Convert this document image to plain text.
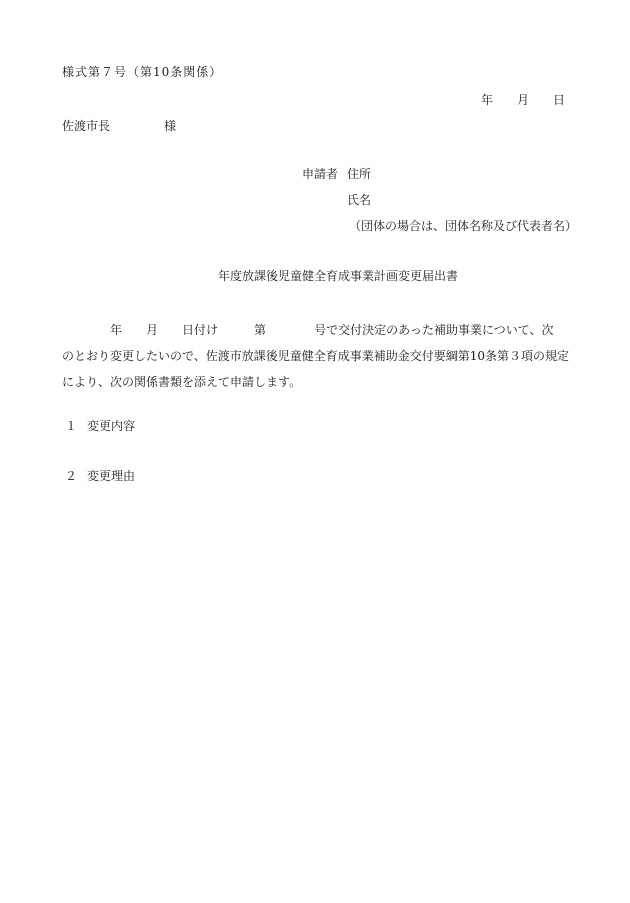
様式第７号（第10条関係）
年 月 日
佐渡市長	様
申請者 住所
氏名
（団体の場合は、団体名称及び代表者名）
年度放課後児童健全育成事業計画変更届出書
年 月 日付け	第	号で交付決定のあった補助事業について、次
のとおり変更したいので、佐渡市放課後児童健全育成事業補助金交付要綱第10条第３項の規定
により、次の関係書類を添えて申請します。
１ 変更内容
２ 変更理由
